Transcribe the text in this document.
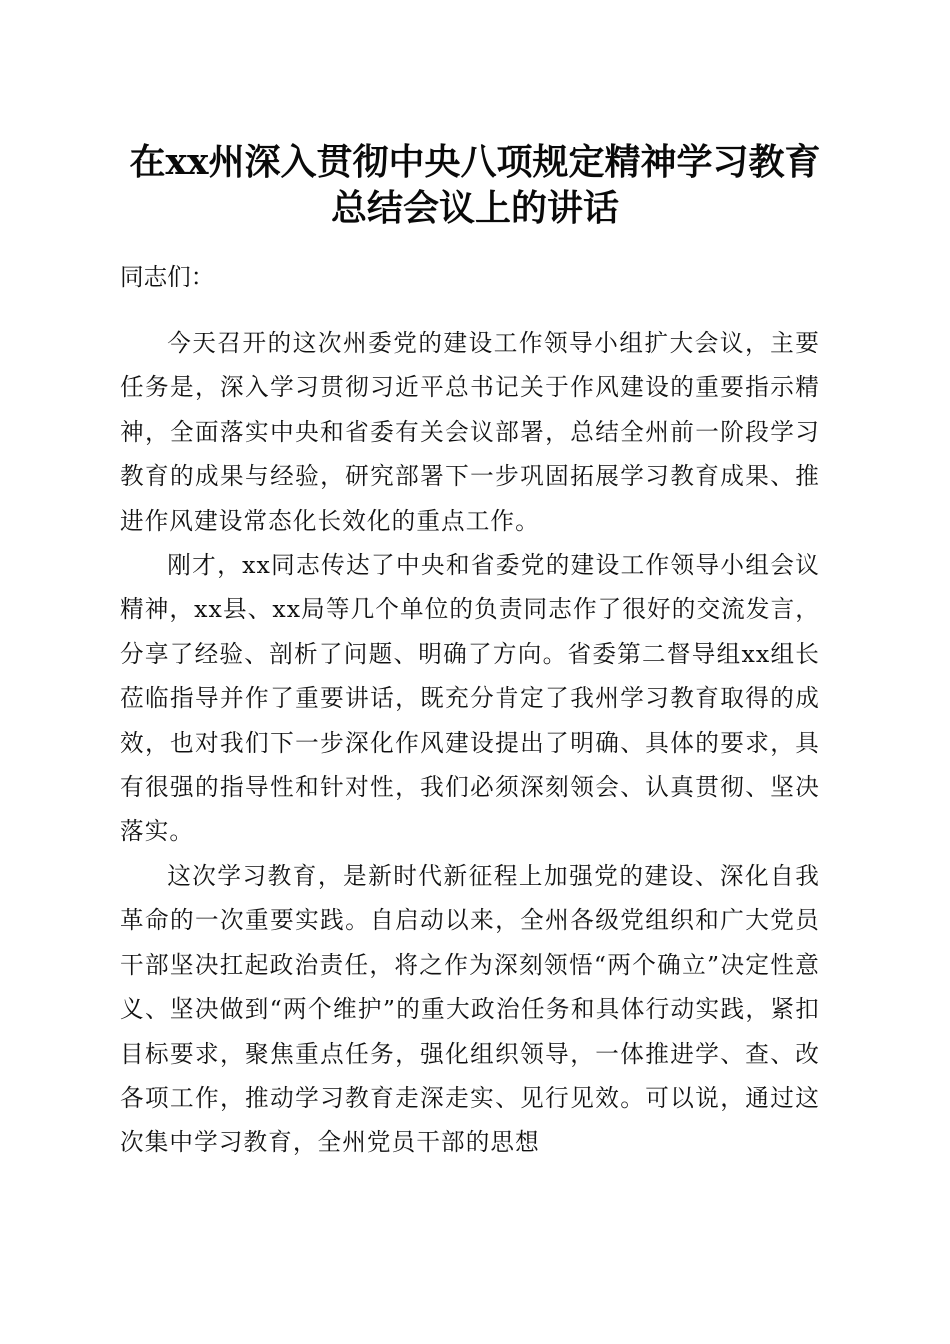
在xx州深入贯彻中央八项规定精神学习教育
总结会议上的讲话

同志们：

今天召开的这次州委党的建设工作领导小组扩大会议，主要任务是，深入学习贯彻习近平总书记关于作风建设的重要指示精神，全面落实中央和省委有关会议部署，总结全州前一阶段学习教育的成果与经验，研究部署下一步巩固拓展学习教育成果、推进作风建设常态化长效化的重点工作。

刚才，xx同志传达了中央和省委党的建设工作领导小组会议精神，xx县、xx局等几个单位的负责同志作了很好的交流发言，分享了经验、剖析了问题、明确了方向。省委第二督导组xx组长莅临指导并作了重要讲话，既充分肯定了我州学习教育取得的成效，也对我们下一步深化作风建设提出了明确、具体的要求，具有很强的指导性和针对性，我们必须深刻领会、认真贯彻、坚决落实。

这次学习教育，是新时代新征程上加强党的建设、深化自我革命的一次重要实践。自启动以来，全州各级党组织和广大党员干部坚决扛起政治责任，将之作为深刻领悟“两个确立”决定性意义、坚决做到“两个维护”的重大政治任务和具体行动实践，紧扣目标要求，聚焦重点任务，强化组织领导，一体推进学、查、改各项工作，推动学习教育走深走实、见行见效。可以说，通过这次集中学习教育，全州党员干部的思想
